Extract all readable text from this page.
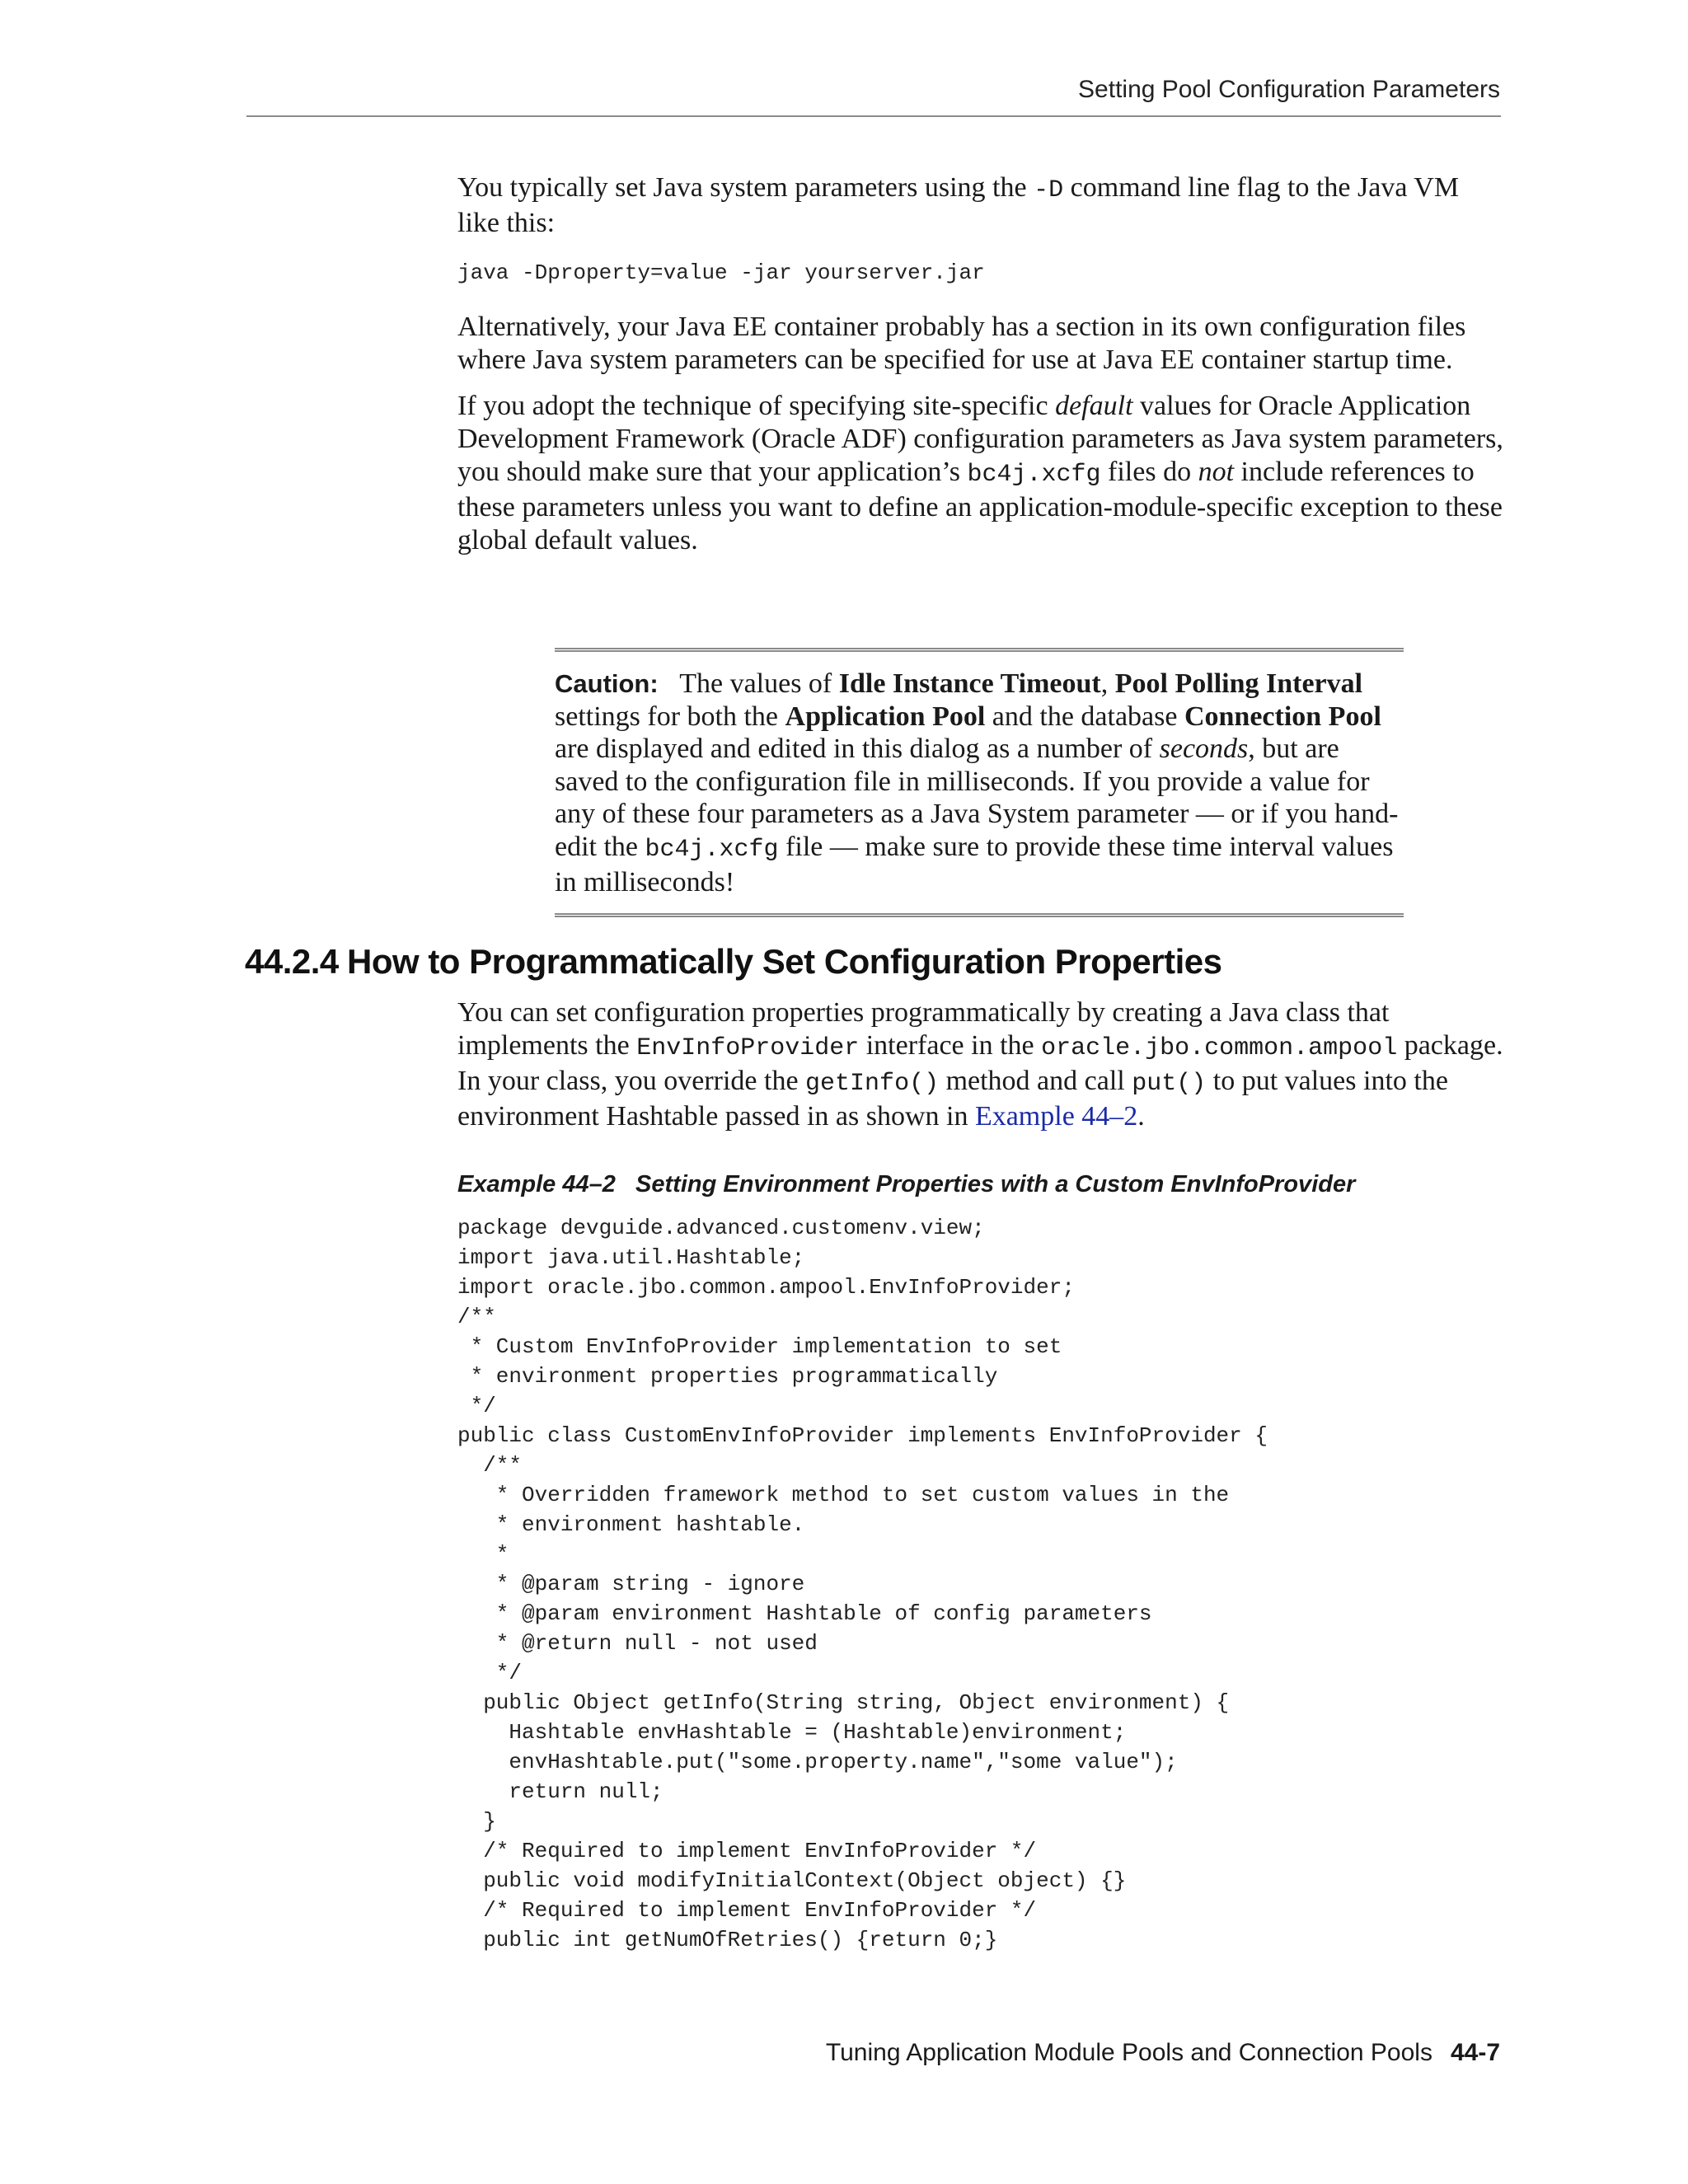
Setting Pool Configuration Parameters

You typically set Java system parameters using the -D command line flag to the Java VM like this:

java -Dproperty=value -jar yourserver.jar

Alternatively, your Java EE container probably has a section in its own configuration files where Java system parameters can be specified for use at Java EE container startup time.

If you adopt the technique of specifying site-specific default values for Oracle Application Development Framework (Oracle ADF) configuration parameters as Java system parameters, you should make sure that your application’s bc4j.xcfg files do not include references to these parameters unless you want to define an application-module-specific exception to these global default values.

Caution: The values of Idle Instance Timeout, Pool Polling Interval settings for both the Application Pool and the database Connection Pool are displayed and edited in this dialog as a number of seconds, but are saved to the configuration file in milliseconds. If you provide a value for any of these four parameters as a Java System parameter — or if you hand-edit the bc4j.xcfg file — make sure to provide these time interval values in milliseconds!
44.2.4 How to Programmatically Set Configuration Properties

You can set configuration properties programmatically by creating a Java class that implements the EnvInfoProvider interface in the oracle.jbo.common.ampool package. In your class, you override the getInfo() method and call put() to put values into the environment Hashtable passed in as shown in Example 44–2.

Example 44–2 Setting Environment Properties with a Custom EnvInfoProvider
package devguide.advanced.customenv.view;
import java.util.Hashtable;
import oracle.jbo.common.ampool.EnvInfoProvider;
/**
* Custom EnvInfoProvider implementation to set
* environment properties programmatically
*/
public class CustomEnvInfoProvider implements EnvInfoProvider {
/**
* Overridden framework method to set custom values in the
* environment hashtable.
*
* @param string - ignore
* @param environment Hashtable of config parameters
* @return null - not used
*/
public Object getInfo(String string, Object environment) {
Hashtable envHashtable = (Hashtable)environment;
envHashtable.put("some.property.name","some value");
return null;
}
/* Required to implement EnvInfoProvider */
public void modifyInitialContext(Object object) {}
/* Required to implement EnvInfoProvider */
public int getNumOfRetries() {return 0;}
Tuning Application Module Pools and Connection Pools 44-7
